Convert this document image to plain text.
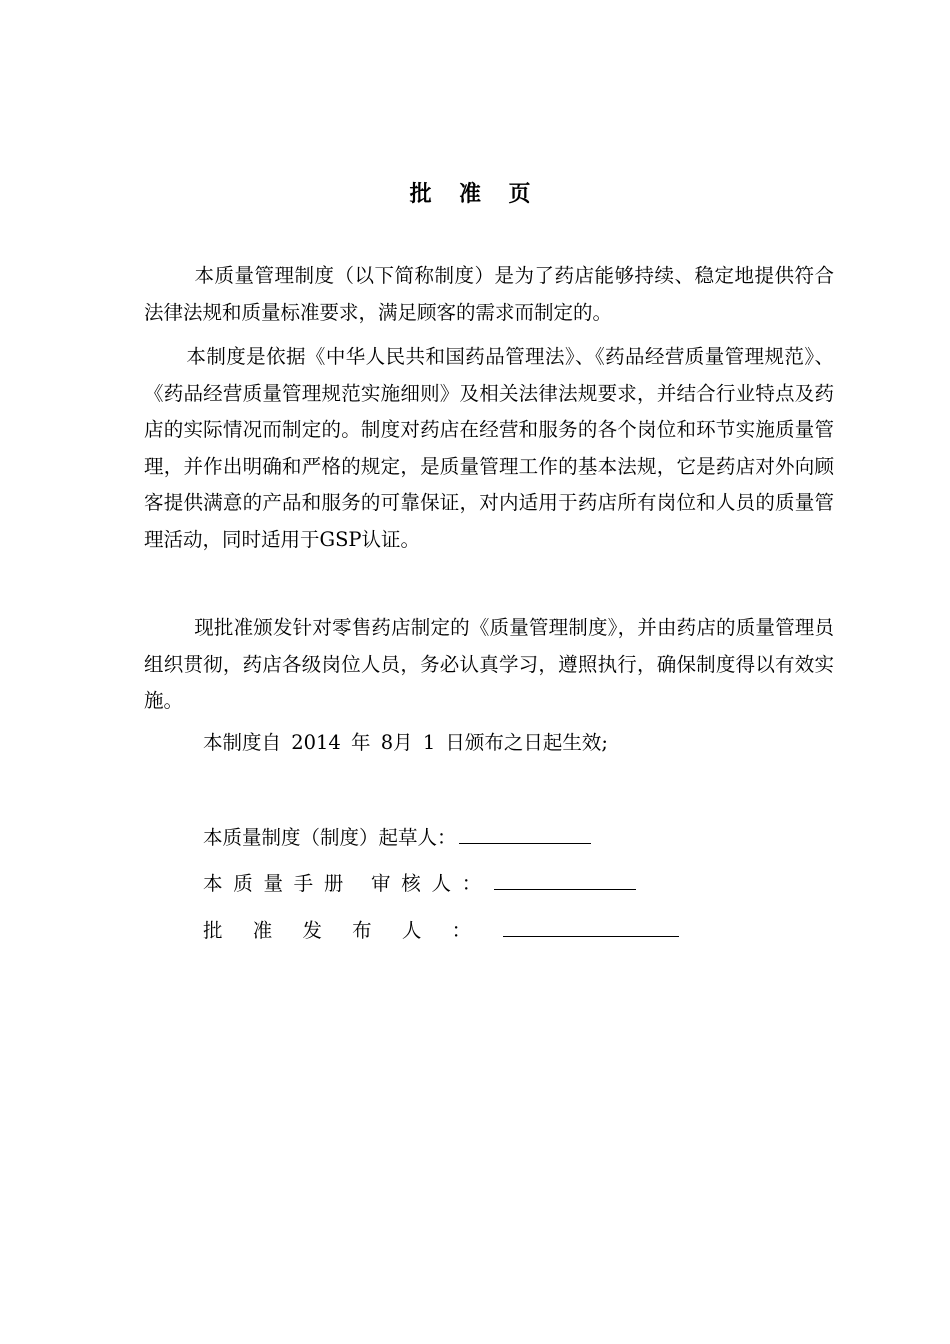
批 准 页
本质量管理制度（以下简称制度）是为了药店能够持续、稳定地提供符合法律法规和质量标准要求，满足顾客的需求而制定的。
本制度是依据《中华人民共和国药品管理法》、《药品经营质量管理规范》、《药品经营质量管理规范实施细则》及相关法律法规要求，并结合行业特点及药店的实际情况而制定的。制度对药店在经营和服务的各个岗位和环节实施质量管理，并作出明确和严格的规定，是质量管理工作的基本法规，它是药店对外向顾客提供满意的产品和服务的可靠保证，对内适用于药店所有岗位和人员的质量管理活动，同时适用于GSP认证。
现批准颁发针对零售药店制定的《质量管理制度》，并由药店的质量管理员组织贯彻，药店各级岗位人员，务必认真学习，遵照执行，确保制度得以有效实施。
本制度自 2014 年 8月 1 日颁布之日起生效;
本质量制度（制度）起草人：
本质量手册 审核人：
批准发布人：
